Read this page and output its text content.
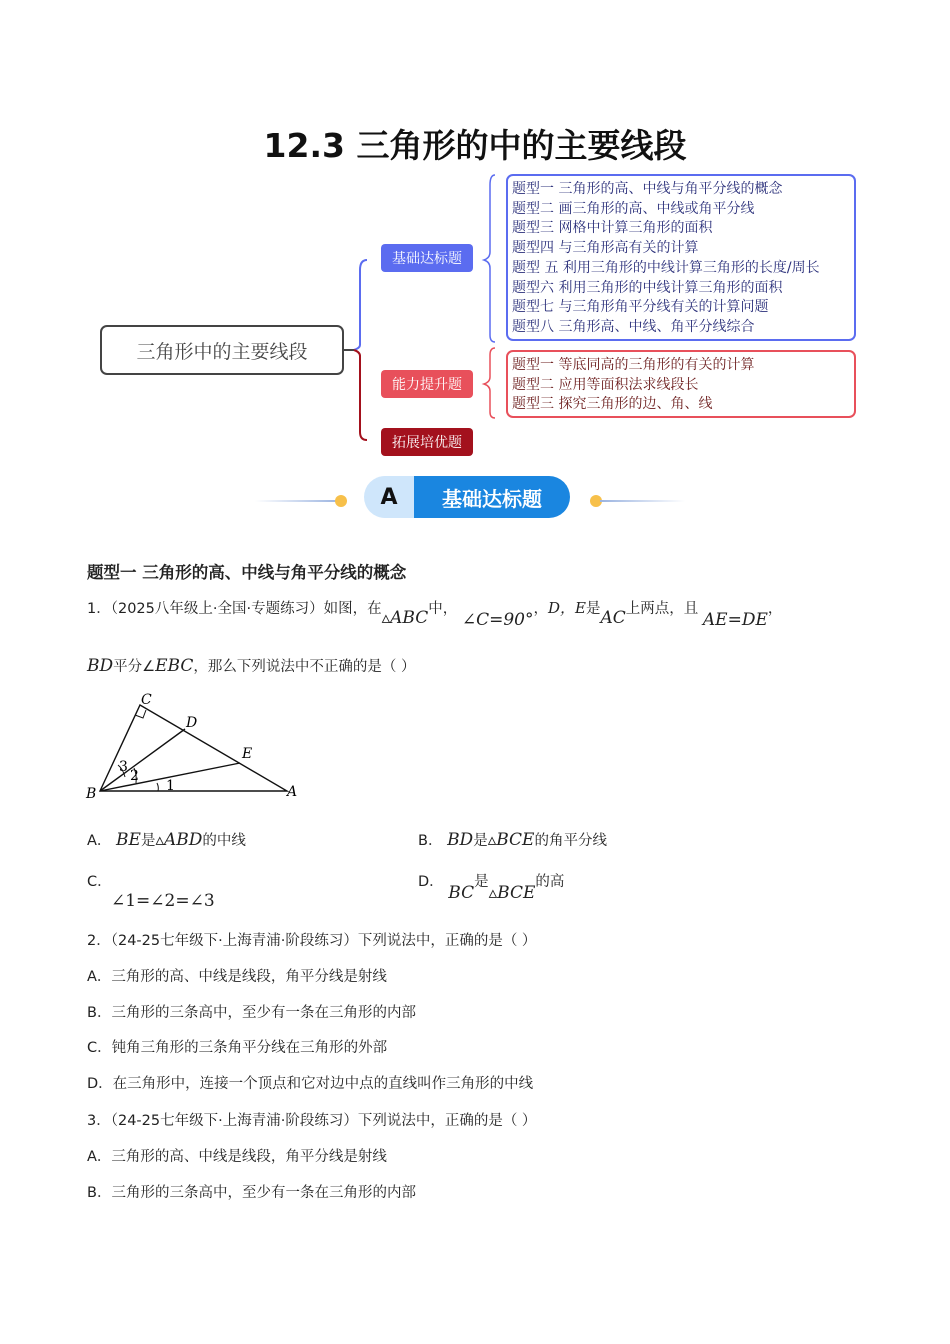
12.3 三角形的中的主要线段
三角形中的主要线段
基础达标题
能力提升题
拓展培优题
题型一 三角形的高、中线与角平分线的概念
题型二 画三角形的高、中线或角平分线
题型三 网格中计算三角形的面积
题型四 与三角形高有关的计算
题型 五 利用三角形的中线计算三角形的长度/周长
题型六 利用三角形的中线计算三角形的面积
题型七 与三角形角平分线有关的计算问题
题型八 三角形高、中线、角平分线综合
题型一 等底同高的三角形的有关的计算
题型二 应用等面积法求线段长
题型三 探究三角形的边、角、线
A	基础达标题
题型一 三角形的高、中线与角平分线的概念
1．（2025八年级上·全国·专题练习）如图，在▵ABC中， ∠C=90°，D，E是AC上两点，且 AE=DE，
BD平分∠EBC，那么下列说法中不正确的是（ ）
C
D
E
B	A
1
2
3
A． BE是▵ABD的中线	B． BD是▵BCE的角平分线
C．
∠1=∠2=∠3
D． BC是▵BCE的高
2．（24-25七年级下·上海青浦·阶段练习）下列说法中，正确的是（ ）
A．三角形的高、中线是线段，角平分线是射线
B．三角形的三条高中，至少有一条在三角形的内部
C．钝角三角形的三条角平分线在三角形的外部
D．在三角形中，连接一个顶点和它对边中点的直线叫作三角形的中线
3．（24-25七年级下·上海青浦·阶段练习）下列说法中，正确的是（ ）
A．三角形的高、中线是线段，角平分线是射线
B．三角形的三条高中，至少有一条在三角形的内部
